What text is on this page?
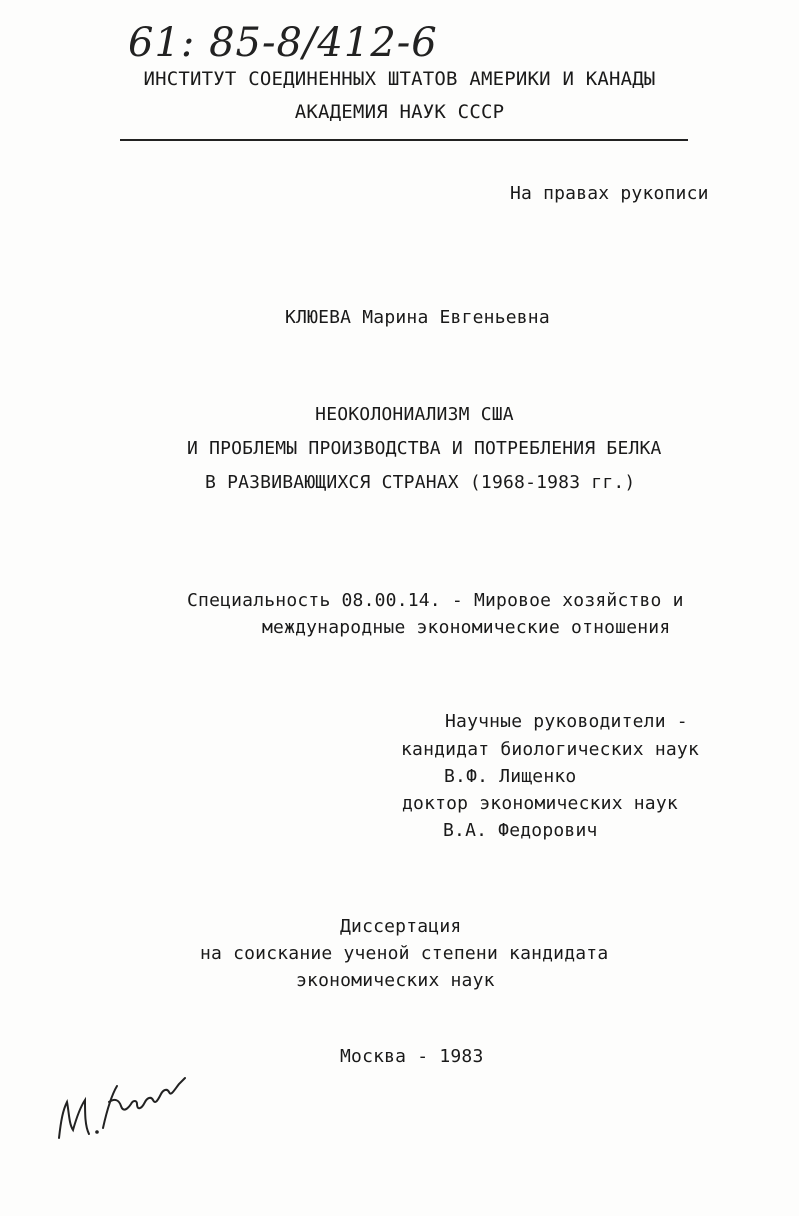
61: 85-8/412-6
ИНСТИТУТ СОЕДИНЕННЫХ ШТАТОВ АМЕРИКИ И КАНАДЫ
АКАДЕМИЯ НАУК СССР
На правах рукописи
КЛЮЕВА Марина Евгеньевна
НЕОКОЛОНИАЛИЗМ США
И ПРОБЛЕМЫ ПРОИЗВОДСТВА И ПОТРЕБЛЕНИЯ БЕЛКА
В РАЗВИВАЮЩИХСЯ СТРАНАХ (1968-1983 гг.)
Специальность 08.00.14. - Мировое хозяйство и
международные экономические отношения
Научные руководители -
кандидат биологических наук
В.Ф. Лищенко
доктор экономических наук
В.А. Федорович
Диссертация
на соискание ученой степени кандидата
экономических наук
Москва - 1983
